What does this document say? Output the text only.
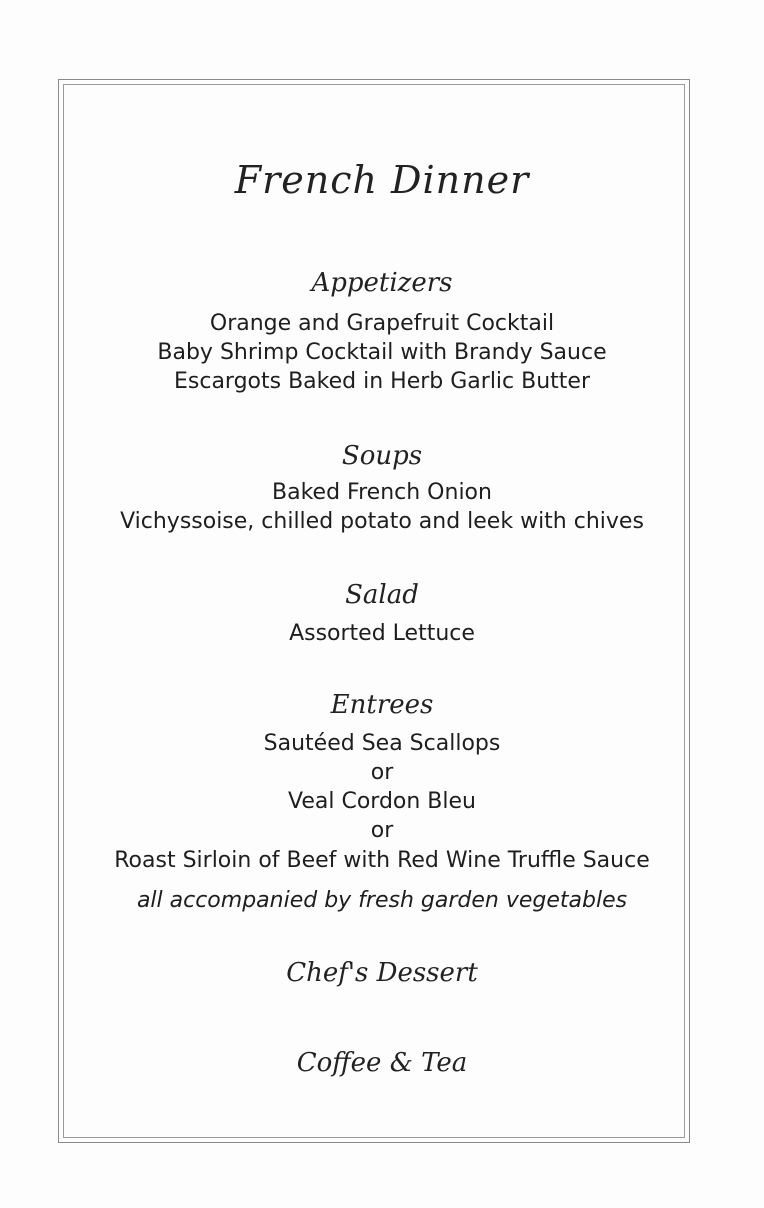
French Dinner
Appetizers
Orange and Grapefruit Cocktail
Baby Shrimp Cocktail with Brandy Sauce
Escargots Baked in Herb Garlic Butter
Soups
Baked French Onion
Vichyssoise, chilled potato and leek with chives
Salad
Assorted Lettuce
Entrees
Sautéed Sea Scallops
or
Veal Cordon Bleu
or
Roast Sirloin of Beef with Red Wine Truffle Sauce
all accompanied by fresh garden vegetables
Chef's Dessert
Coffee & Tea
